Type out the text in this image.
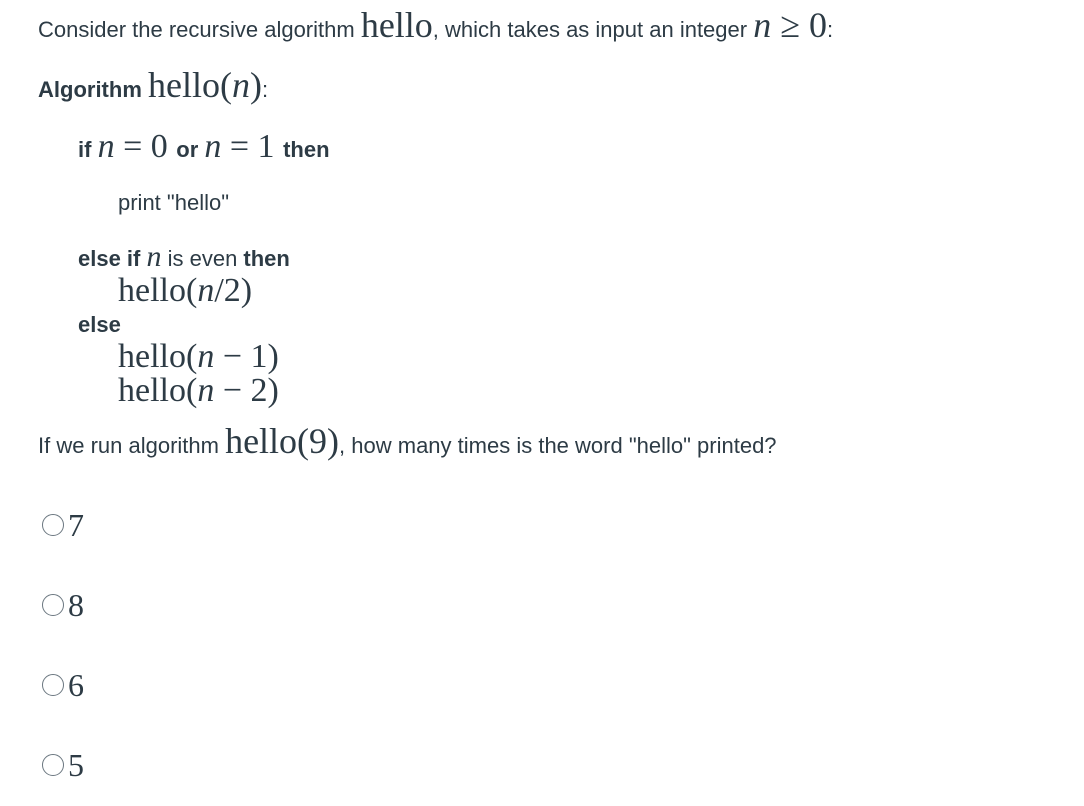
Consider the recursive algorithm hello, which takes as input an integer n ≥ 0:
Algorithm hello(n):
if n = 0 or n = 1 then
print "hello"
else if n is even then
hello(n/2)
else
hello(n − 1)
hello(n − 2)
If we run algorithm hello(9), how many times is the word "hello" printed?
7
8
6
5
